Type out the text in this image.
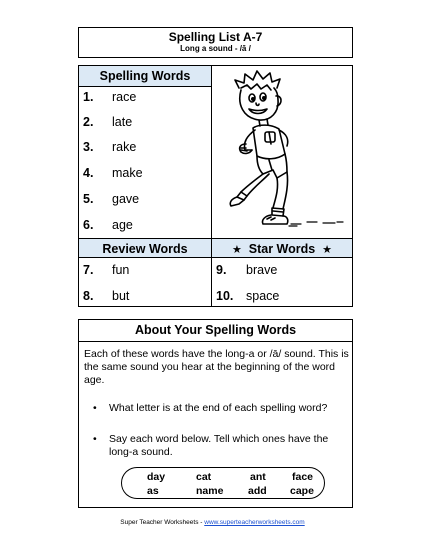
Spelling List A-7
Long a sound - /ā /
Spelling Words
1.	race
2.	late
3.	rake
4.	make
5.	gave
6.	age
Review Words	★ Star Words ★
7.	fun
8.	but
9.	brave
10.	space
About Your Spelling Words
Each of these words have the long-a or /ā/ sound. This is the same sound you hear at the beginning of the word age.
• What letter is at the end of each spelling word?
• Say each word below. Tell which ones have the long-a sound.
day	cat	ant	face
as	name add cape
Super Teacher Worksheets - www.superteacherworksheets.com
